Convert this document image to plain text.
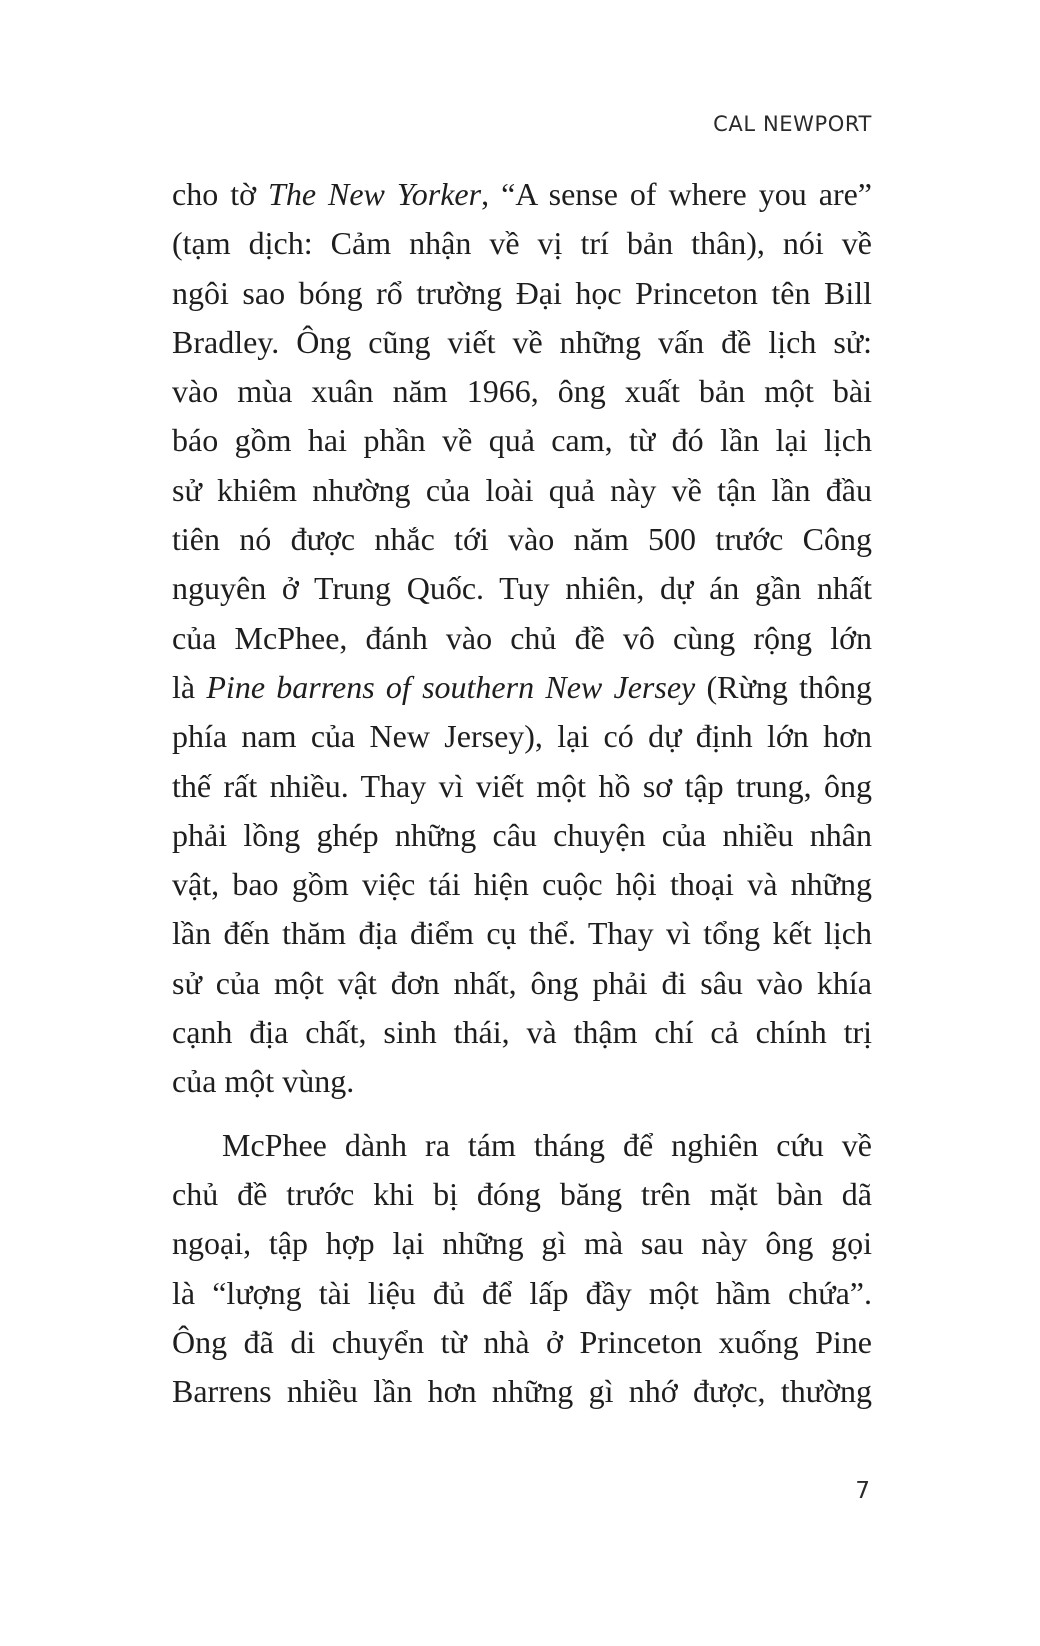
CAL NEWPORT
cho tờ The New Yorker, “A sense of where you are”
(tạm dịch: Cảm nhận về vị trí bản thân), nói về
ngôi sao bóng rổ trường Đại học Princeton tên Bill
Bradley. Ông cũng viết về những vấn đề lịch sử:
vào mùa xuân năm 1966, ông xuất bản một bài
báo gồm hai phần về quả cam, từ đó lần lại lịch
sử khiêm nhường của loài quả này về tận lần đầu
tiên nó được nhắc tới vào năm 500 trước Công
nguyên ở Trung Quốc. Tuy nhiên, dự án gần nhất
của McPhee, đánh vào chủ đề vô cùng rộng lớn
là Pine barrens of southern New Jersey (Rừng thông
phía nam của New Jersey), lại có dự định lớn hơn
thế rất nhiều. Thay vì viết một hồ sơ tập trung, ông
phải lồng ghép những câu chuyện của nhiều nhân
vật, bao gồm việc tái hiện cuộc hội thoại và những
lần đến thăm địa điểm cụ thể. Thay vì tổng kết lịch
sử của một vật đơn nhất, ông phải đi sâu vào khía
cạnh địa chất, sinh thái, và thậm chí cả chính trị
của một vùng.
McPhee dành ra tám tháng để nghiên cứu về
chủ đề trước khi bị đóng băng trên mặt bàn dã
ngoại, tập hợp lại những gì mà sau này ông gọi
là “lượng tài liệu đủ để lấp đầy một hầm chứa”.
Ông đã di chuyển từ nhà ở Princeton xuống Pine
Barrens nhiều lần hơn những gì nhớ được, thường
7
